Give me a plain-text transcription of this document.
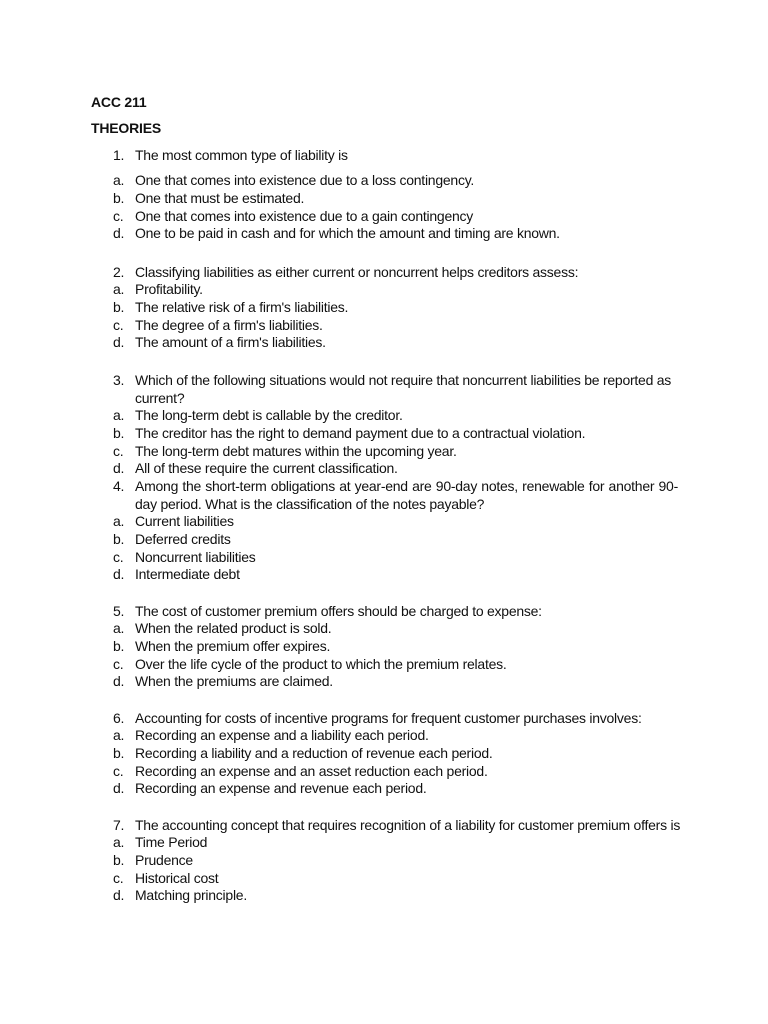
ACC 211
THEORIES
1. The most common type of liability is
a. One that comes into existence due to a loss contingency.
b. One that must be estimated.
c. One that comes into existence due to a gain contingency
d. One to be paid in cash and for which the amount and timing are known.
2. Classifying liabilities as either current or noncurrent helps creditors assess:
a. Profitability.
b. The relative risk of a firm's liabilities.
c. The degree of a firm's liabilities.
d. The amount of a firm's liabilities.
3. Which of the following situations would not require that noncurrent liabilities be reported as current?
a. The long-term debt is callable by the creditor.
b. The creditor has the right to demand payment due to a contractual violation.
c. The long-term debt matures within the upcoming year.
d. All of these require the current classification.
4. Among the short-term obligations at year-end are 90-day notes, renewable for another 90-day period. What is the classification of the notes payable?
a. Current liabilities
b. Deferred credits
c. Noncurrent liabilities
d. Intermediate debt
5. The cost of customer premium offers should be charged to expense:
a. When the related product is sold.
b. When the premium offer expires.
c. Over the life cycle of the product to which the premium relates.
d. When the premiums are claimed.
6. Accounting for costs of incentive programs for frequent customer purchases involves:
a. Recording an expense and a liability each period.
b. Recording a liability and a reduction of revenue each period.
c. Recording an expense and an asset reduction each period.
d. Recording an expense and revenue each period.
7. The accounting concept that requires recognition of a liability for customer premium offers is
a. Time Period
b. Prudence
c. Historical cost
d. Matching principle.
